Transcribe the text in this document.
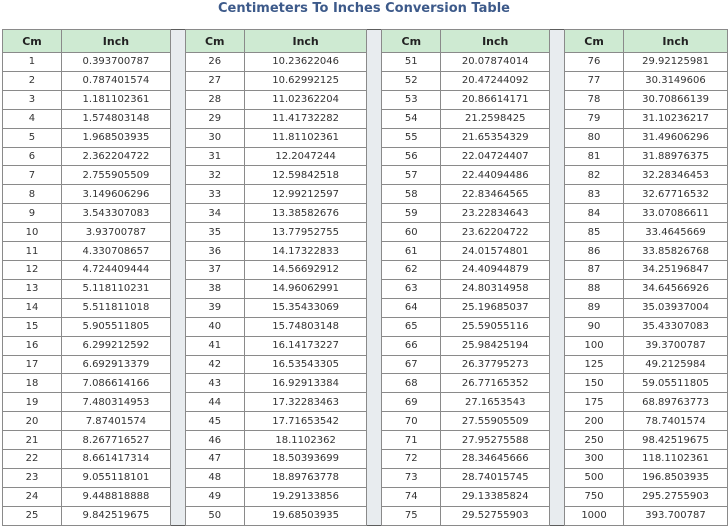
Centimeters To Inches Conversion Table
Cm	Inch
1	0.393700787
2	0.787401574
3	1.181102361
4	1.574803148
5	1.968503935
6	2.362204722
7	2.755905509
8	3.149606296
9	3.543307083
10	3.93700787
11	4.330708657
12	4.724409444
13	5.118110231
14	5.511811018
15	5.905511805
16	6.299212592
17	6.692913379
18	7.086614166
19	7.480314953
20	7.87401574
21	8.267716527
22	8.661417314
23	9.055118101
24	9.448818888
25	9.842519675
Cm	Inch
26	10.23622046
27	10.62992125
28	11.02362204
29	11.41732282
30	11.81102361
31	12.2047244
32	12.59842518
33	12.99212597
34	13.38582676
35	13.77952755
36	14.17322833
37	14.56692912
38	14.96062991
39	15.35433069
40	15.74803148
41	16.14173227
42	16.53543305
43	16.92913384
44	17.32283463
45	17.71653542
46	18.1102362
47	18.50393699
48	18.89763778
49	19.29133856
50	19.68503935
Cm	Inch
51	20.07874014
52	20.47244092
53	20.86614171
54	21.2598425
55	21.65354329
56	22.04724407
57	22.44094486
58	22.83464565
59	23.22834643
60	23.62204722
61	24.01574801
62	24.40944879
63	24.80314958
64	25.19685037
65	25.59055116
66	25.98425194
67	26.37795273
68	26.77165352
69	27.1653543
70	27.55905509
71	27.95275588
72	28.34645666
73	28.74015745
74	29.13385824
75	29.52755903
Cm	Inch
76	29.92125981
77	30.3149606
78	30.70866139
79	31.10236217
80	31.49606296
81	31.88976375
82	32.28346453
83	32.67716532
84	33.07086611
85	33.4645669
86	33.85826768
87	34.25196847
88	34.64566926
89	35.03937004
90	35.43307083
100	39.3700787
125	49.2125984
150	59.05511805
175	68.89763773
200	78.7401574
250	98.42519675
300	118.1102361
500	196.8503935
750	295.2755903
1000	393.700787
